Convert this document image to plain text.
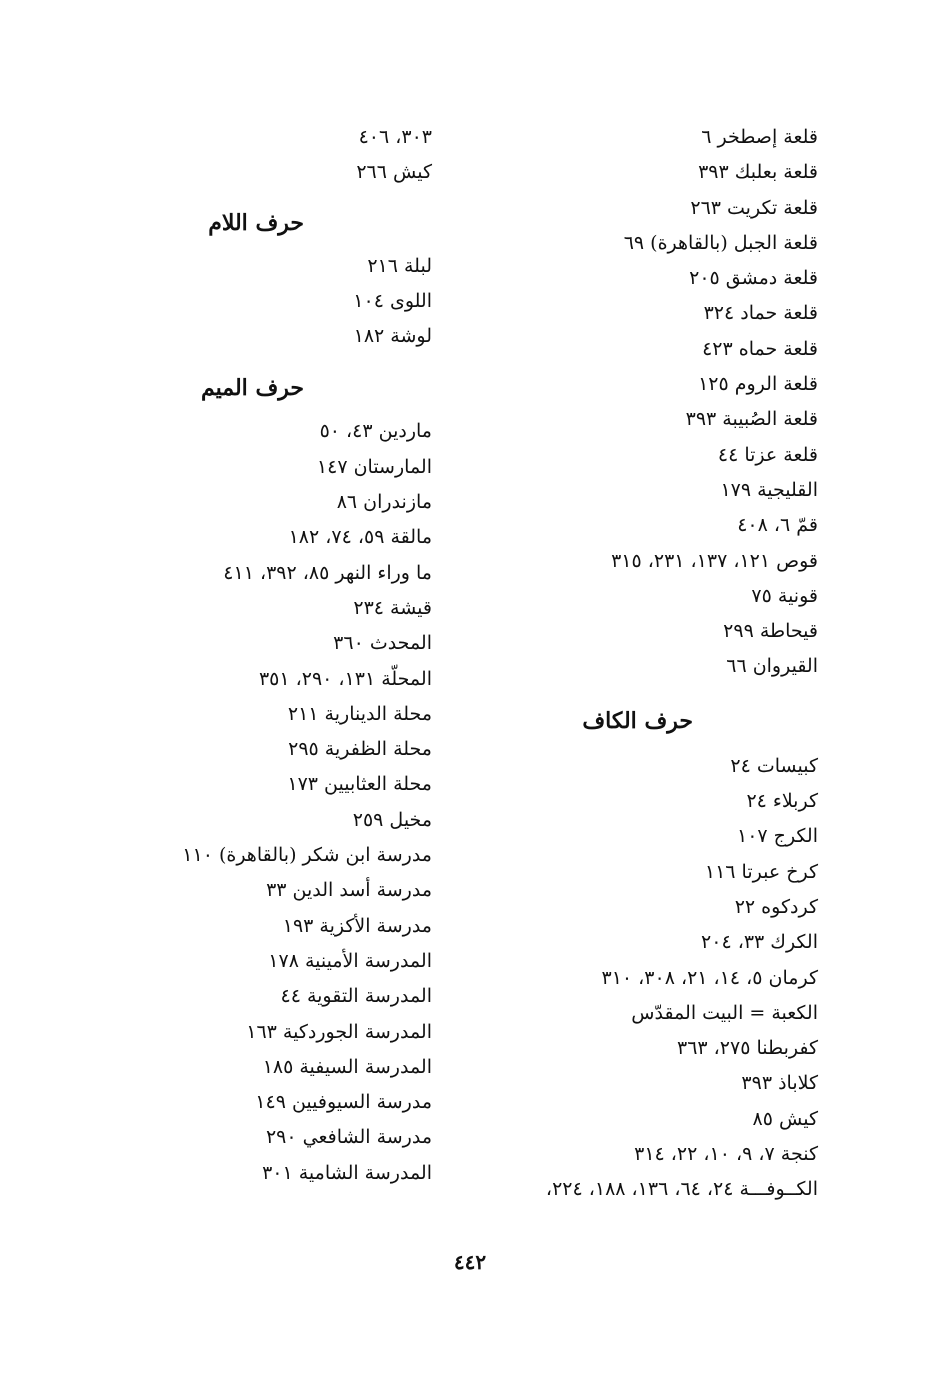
قلعة إصطخر ٦
قلعة بعلبك ٣٩٣
قلعة تكريت ٢٦٣
قلعة الجبل (بالقاهرة) ٦٩
قلعة دمشق ٢٠٥
قلعة حماد ٣٢٤
قلعة حماه ٤٢٣
قلعة الروم ١٢٥
قلعة الصُبيبة ٣٩٣
قلعة عزتا ٤٤
القليجية ١٧٩
قمّ ٦، ٤٠٨
قوص ١٢١، ١٣٧، ٢٣١، ٣١٥
قونية ٧٥
قيحاطة ٢٩٩
القيروان ٦٦
حرف الكاف
كبيسات ٢٤
كربلاء ٢٤
الكرج ١٠٧
كرخ عبرتا ١١٦
كردكوه ٢٢
الكرك ٣٣، ٢٠٤
كرمان ٥، ١٤، ٢١، ٣٠٨، ٣١٠
الكعبة = البيت المقدّس
كفربطنا ٢٧٥، ٣٦٣
كلاباذ ٣٩٣
كيش ٨٥
كنجة ٧، ٩، ١٠، ٢٢، ٣١٤
الكــوفـــة ٢٤، ٦٤، ١٣٦، ١٨٨، ٢٢٤،
٣٠٣، ٤٠٦
كيش ٢٦٦
حرف اللام
لبلة ٢١٦
اللوى ١٠٤
لوشة ١٨٢
حرف الميم
ماردين ٤٣، ٥٠
المارستان ١٤٧
مازندران ٨٦
مالقة ٥٩، ٧٤، ١٨٢
ما وراء النهر ٨٥، ٣٩٢، ٤١١
قيشة ٢٣٤
المحدث ٣٦٠
المحلّة ١٣١، ٢٩٠، ٣٥١
محلة الدينارية ٢١١
محلة الظفرية ٢٩٥
محلة العثابيين ١٧٣
مخيل ٢٥٩
مدرسة ابن شكر (بالقاهرة) ١١٠
مدرسة أسد الدين ٣٣
مدرسة الأكزية ١٩٣
المدرسة الأمينية ١٧٨
المدرسة التقوية ٤٤
المدرسة الجوردكية ١٦٣
المدرسة السيفية ١٨٥
مدرسة السيوفيين ١٤٩
مدرسة الشافعي ٢٩٠
المدرسة الشامية ٣٠١
٤٤٢
